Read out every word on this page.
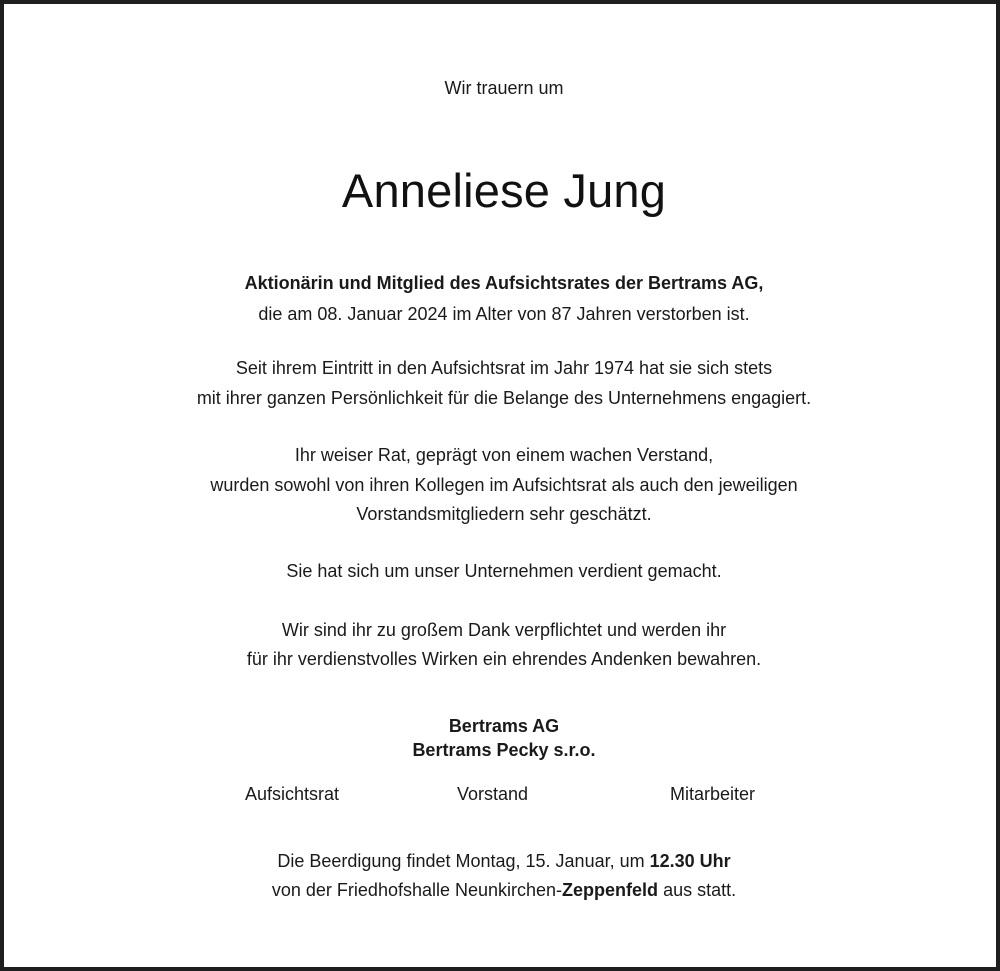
Wir trauern um
Anneliese Jung
Aktionärin und Mitglied des Aufsichtsrates der Bertrams AG,
die am 08. Januar 2024 im Alter von 87 Jahren verstorben ist.
Seit ihrem Eintritt in den Aufsichtsrat im Jahr 1974 hat sie sich stets
mit ihrer ganzen Persönlichkeit für die Belange des Unternehmens engagiert.
Ihr weiser Rat, geprägt von einem wachen Verstand,
wurden sowohl von ihren Kollegen im Aufsichtsrat als auch den jeweiligen
Vorstandsmitgliedern sehr geschätzt.
Sie hat sich um unser Unternehmen verdient gemacht.
Wir sind ihr zu großem Dank verpflichtet und werden ihr
für ihr verdienstvolles Wirken ein ehrendes Andenken bewahren.
Bertrams AG
Bertrams Pecky s.r.o.
Aufsichtsrat	Vorstand	Mitarbeiter
Die Beerdigung findet Montag, 15. Januar, um 12.30 Uhr
von der Friedhofshalle Neunkirchen-Zeppenfeld aus statt.
